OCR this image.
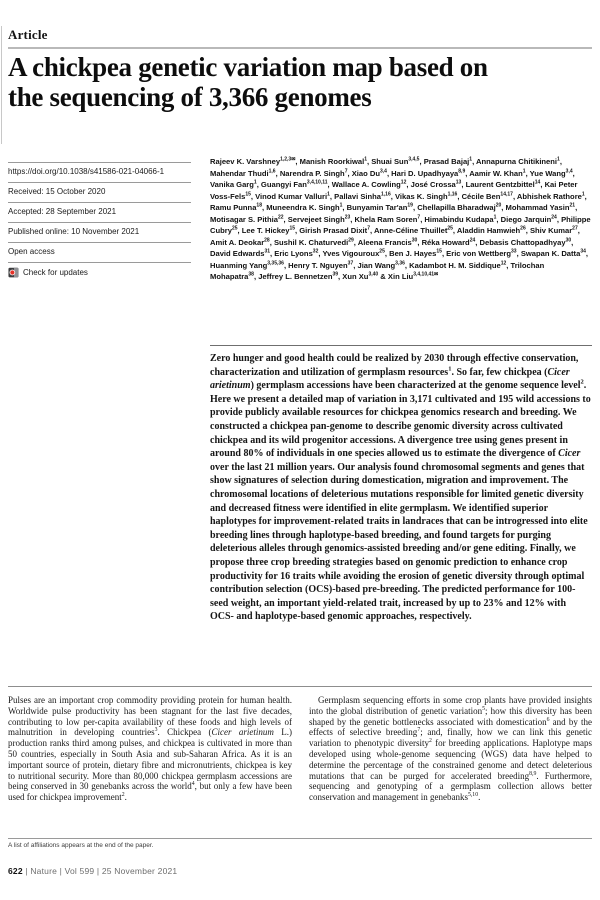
Article
A chickpea genetic variation map based on
the sequencing of 3,366 genomes
https://doi.org/10.1038/s41586-021-04066-1
Received: 15 October 2020
Accepted: 28 September 2021
Published online: 10 November 2021
Open access
Check for updates
Rajeev K. Varshney$^{1,2,3✉}$, Manish Roorkiwal$^1$, Shuai Sun$^{3,4,5}$, Prasad Bajaj$^1$, Annapurna Chitikineni$^1$, Mahendar Thudi$^{1,6}$, Narendra P. Singh$^7$, Xiao Du$^{3,4}$, Hari D. Upadhyaya$^{8,9}$, Aamir W. Khan$^1$, Yue Wang$^{3,4}$, Vanika Garg$^1$, Guangyi Fan$^{3,4,10,11}$, Wallace A. Cowling$^{12}$, José Crossa$^{13}$, Laurent Gentzbittel$^{14}$, Kai Peter Voss-Fels$^{15}$, Vinod Kumar Valluri$^1$, Pallavi Sinha$^{1,16}$, Vikas K. Singh$^{1,16}$, Cécile Ben$^{14,17}$, Abhishek Rathore$^1$, Ramu Punna$^{18}$, Muneendra K. Singh$^1$, Bunyamin $Tar'an^{19}$, Chellapilla Bharadwaj$^{20}$, Mohammad Yasin$^{21}$, Motisagar S. Pithia$^{22}$, Servejeet Singh$^{23}$, Khela Ram Soren$^7$, Himabindu Kudapa$^1$, Diego Jarquin$^{24}$, Philippe Cubry$^{25}$, Lee T. Hickey$^{15}$, Girish Prasad Dixit$^7$, Anne-Céline Thuillet$^{25}$, Aladdin Hamwieh$^{26}$, Shiv Kumar$^{27}$, Amit A. Deokar$^{28}$, Sushil K. Chaturvedi$^{29}$, Aleena Francis$^{30}$, Réka Howard$^{24}$, Debasis Chattopadhyay$^{30}$, David Edwards$^{31}$, Eric Lyons$^{32}$, Yves Vigouroux$^{25}$, Ben J. Hayes$^{15}$, Eric von Wettberg$^{33}$, Swapan K. Datta$^{34}$, Huanming Yang$^{3,35,36}$, Henry T. Nguyen$^{37}$, Jian Wang$^{3,36}$, Kadambot H. M. Siddique$^{12}$, Trilochan Mohapatra$^{38}$, Jeffrey L. Bennetzen$^{39}$, Xun Xu$^{3,40}$ & Xin Liu$^{3,4,10,41✉}$

Zero hunger and good health could be realized by 2030 through effective conservation, characterization and utilization of germplasm resources$^1$. So far, few chickpea (Cicer arietinum) germplasm accessions have been characterized at the genome sequence level$^2$. Here we present a detailed map of variation in 3,171 cultivated and 195 wild accessions to provide publicly available resources for chickpea genomics research and breeding. We constructed a chickpea pan-genome to describe genomic diversity across cultivated chickpea and its wild progenitor accessions. A divergence tree using genes present in around 80% of individuals in one species allowed us to estimate the divergence of Cicer over the last 21 million years. Our analysis found chromosomal segments and genes that show signatures of selection during domestication, migration and improvement. The chromosomal locations of deleterious mutations responsible for limited genetic diversity and decreased fitness were identified in elite germplasm. We identified superior haplotypes for improvement-related traits in landraces that can be introgressed into elite breeding lines through haplotype-based breeding, and found targets for purging deleterious alleles through genomics-assisted breeding and/or gene editing. Finally, we propose three crop breeding strategies based on genomic prediction to enhance crop productivity for 16 traits while avoiding the erosion of genetic diversity through optimal contribution selection (OCS)-based pre-breeding. The predicted performance for 100-seed weight, an important yield-related trait, increased by up to 23% and 12% with OCS- and haplotype-based genomic approaches, respectively.

Pulses are an important crop commodity providing protein for human health. Worldwide pulse productivity has been stagnant for the last five decades, contributing to low per-capita availability of these foods and high levels of malnutrition in developing countries$^3$. Chickpea (Cicer arietinum L.) production ranks third among pulses, and chickpea is cultivated in more than 50 countries, especially in South Asia and sub-Saharan Africa. As it is an important source of protein, dietary fibre and micronutrients, chickpea is key to nutritional security. More than 80,000 chickpea germplasm accessions are being conserved in 30 genebanks across the world$^4$, but only a few have been used for chickpea improvement$^2$.
Germplasm sequencing efforts in some crop plants have provided insights into the global distribution of genetic variation$^5$; how this diversity has been shaped by the genetic bottlenecks associated with domestication$^6$ and by the effects of selective breeding$^7$; and, finally, how we can link this genetic variation to phenotypic diversity$^2$ for breeding applications. Haplotype maps developed using whole-genome sequencing (WGS) data have helped to determine the percentage of the constrained genome and detect deleterious mutations that can be purged for accelerated breeding$^{8,9}$. Furthermore, sequencing and genotyping of a germplasm collection allows better conservation and management in genebanks$^{5,10}$.
A list of affiliations appears at the end of the paper.
622 | Nature | Vol 599 | 25 November 2021
